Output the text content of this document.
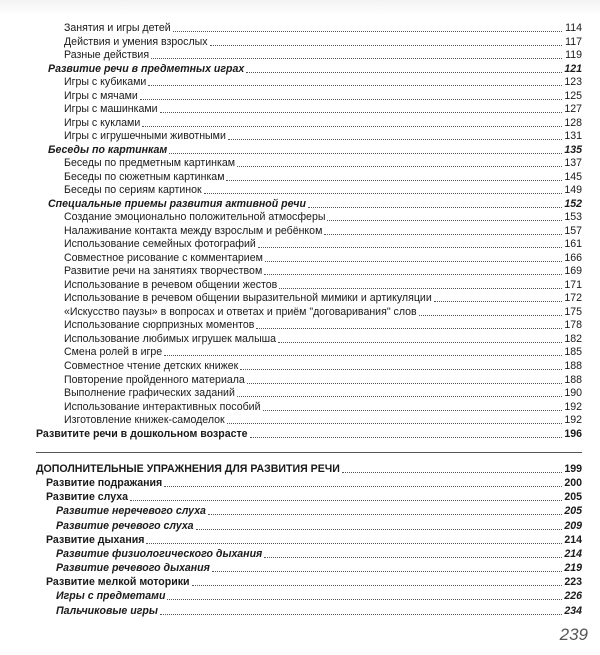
Занятия и игры детей	114
Действия и умения взрослых	117
Разные действия	119
Развитие речи в предметных играх	121
Игры с кубиками	123
Игры с мячами	125
Игры с машинками	127
Игры с куклами	128
Игры с игрушечными животными	131
Беседы по картинкам	135
Беседы по предметным картинкам	137
Беседы по сюжетным картинкам	145
Беседы по сериям картинок	149
Специальные приемы развития активной речи	152
Создание эмоционально положительной атмосферы	153
Налаживание контакта между взрослым и ребёнком	157
Использование семейных фотографий	161
Совместное рисование с комментарием	166
Развитие речи на занятиях творчеством	169
Использование в речевом общении жестов	171
Использование в речевом общении выразительной мимики и артикуляции	172
«Искусство паузы» в вопросах и ответах и приём "договаривания" слов	175
Использование сюрпризных моментов	178
Использование любимых игрушек малыша	182
Смена ролей в игре	185
Совместное чтение детских книжек	188
Повторение пройденного материала	188
Выполнение графических заданий	190
Использование интерактивных пособий	192
Изготовление книжек-самоделок	192
Развитите речи в дошкольном возрасте	196
ДОПОЛНИТЕЛЬНЫЕ УПРАЖНЕНИЯ ДЛЯ РАЗВИТИЯ РЕЧИ	199
Развитие подражания	200
Развитие слуха	205
Развитие неречевого слуха	205
Развитие речевого слуха	209
Развитие дыхания	214
Развитие физиологического дыхания	214
Развитие речевого дыхания	219
Развитие мелкой моторики	223
Игры с предметами	226
Пальчиковые игры	234
239
